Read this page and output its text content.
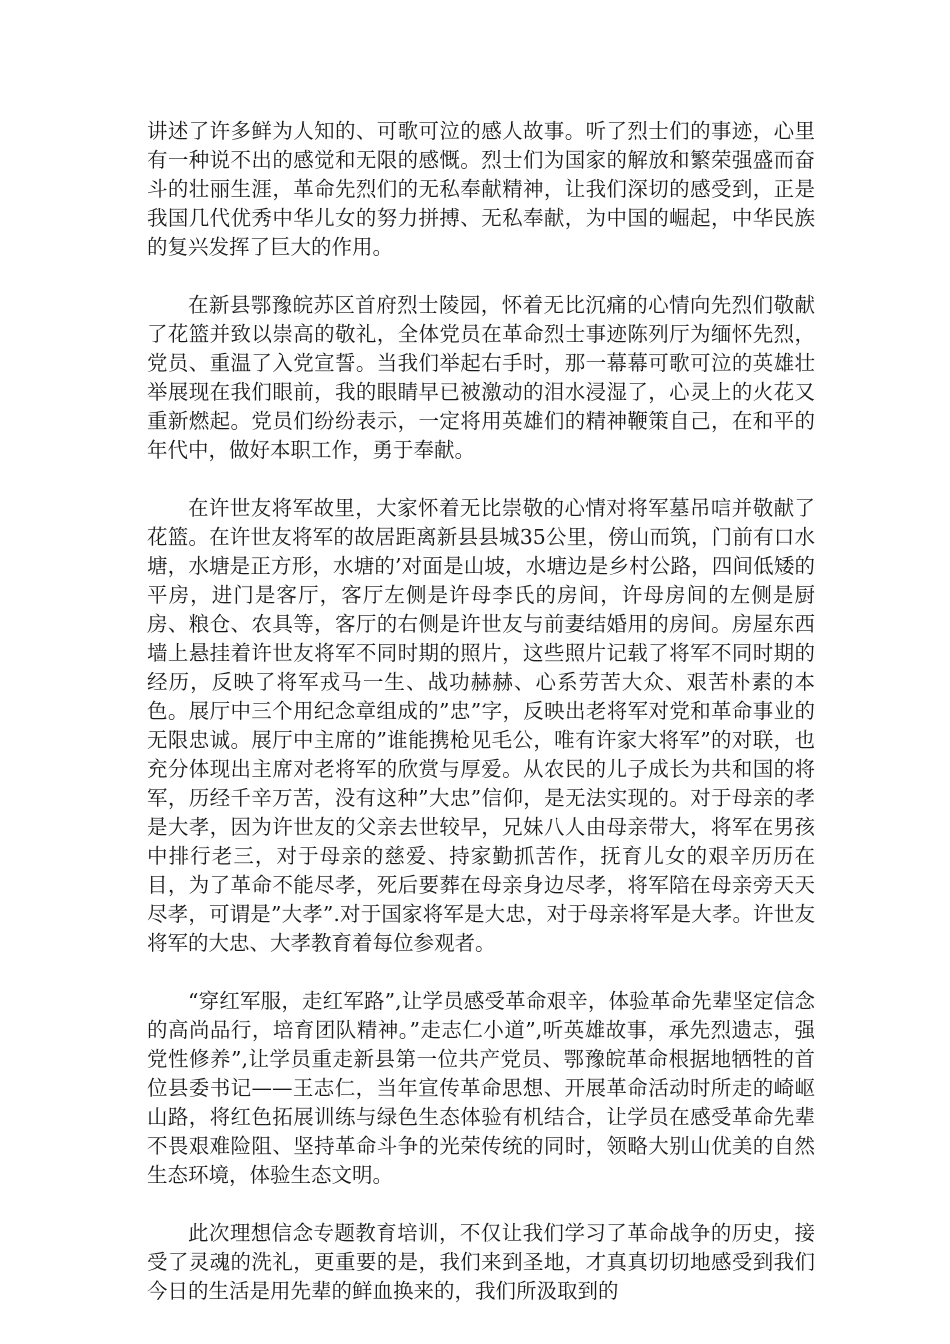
讲述了许多鲜为人知的、可歌可泣的感人故事。听了烈士们的事迹，心里有一种说不出的感觉和无限的感慨。烈士们为国家的解放和繁荣强盛而奋斗的壮丽生涯，革命先烈们的无私奉献精神，让我们深切的感受到，正是我国几代优秀中华儿女的努力拼搏、无私奉献，为中国的崛起，中华民族的复兴发挥了巨大的作用。

在新县鄂豫皖苏区首府烈士陵园，怀着无比沉痛的心情向先烈们敬献了花篮并致以崇高的敬礼，全体党员在革命烈士事迹陈列厅为缅怀先烈，党员、重温了入党宣誓。当我们举起右手时，那一幕幕可歌可泣的英雄壮举展现在我们眼前，我的眼睛早已被激动的泪水浸湿了，心灵上的火花又重新燃起。党员们纷纷表示，一定将用英雄们的精神鞭策自己，在和平的年代中，做好本职工作，勇于奉献。

在许世友将军故里，大家怀着无比崇敬的心情对将军墓吊唁并敬献了花篮。在许世友将军的故居距离新县县城35公里，傍山而筑，门前有口水塘，水塘是正方形，水塘的’对面是山坡，水塘边是乡村公路，四间低矮的平房，进门是客厅，客厅左侧是许母李氏的房间，许母房间的左侧是厨房、粮仓、农具等，客厅的右侧是许世友与前妻结婚用的房间。房屋东西墙上悬挂着许世友将军不同时期的照片，这些照片记载了将军不同时期的经历，反映了将军戎马一生、战功赫赫、心系劳苦大众、艰苦朴素的本色。展厅中三个用纪念章组成的”忠”字，反映出老将军对党和革命事业的无限忠诚。展厅中主席的”谁能携枪见毛公，唯有许家大将军”的对联，也充分体现出主席对老将军的欣赏与厚爱。从农民的儿子成长为共和国的将军，历经千辛万苦，没有这种”大忠”信仰，是无法实现的。对于母亲的孝是大孝，因为许世友的父亲去世较早，兄妹八人由母亲带大，将军在男孩中排行老三，对于母亲的慈爱、持家勤抓苦作，抚育儿女的艰辛历历在目，为了革命不能尽孝，死后要葬在母亲身边尽孝，将军陪在母亲旁天天尽孝，可谓是”大孝”.对于国家将军是大忠，对于母亲将军是大孝。许世友将军的大忠、大孝教育着每位参观者。

“穿红军服，走红军路”,让学员感受革命艰辛，体验革命先辈坚定信念的高尚品行，培育团队精神。”走志仁小道”,听英雄故事，承先烈遗志，强党性修养”,让学员重走新县第一位共产党员、鄂豫皖革命根据地牺牲的首位县委书记——王志仁，当年宣传革命思想、开展革命活动时所走的崎岖山路，将红色拓展训练与绿色生态体验有机结合，让学员在感受革命先辈不畏艰难险阻、坚持革命斗争的光荣传统的同时，领略大别山优美的自然生态环境，体验生态文明。

此次理想信念专题教育培训，不仅让我们学习了革命战争的历史，接受了灵魂的洗礼，更重要的是，我们来到圣地，才真真切切地感受到我们今日的生活是用先辈的鲜血换来的，我们所汲取到的
